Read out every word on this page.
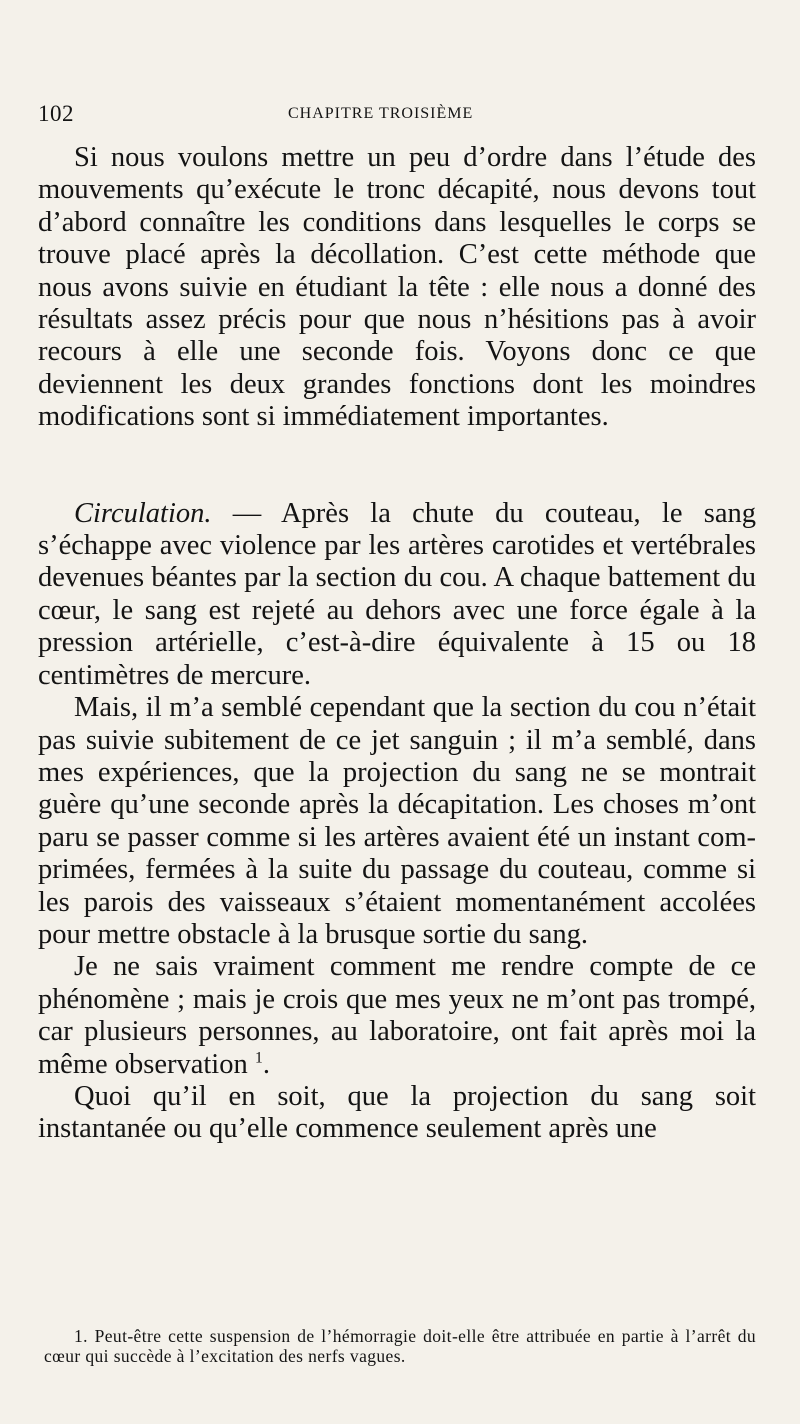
102	CHAPITRE TROISIÈME

Si nous voulons mettre un peu d’ordre dans l’étude des mouvements qu’exécute le tronc décapité, nous devons tout d’abord connaître les conditions dans lesquelles le corps se trouve placé après la décollation. C’est cette méthode que nous avons suivie en étudiant la tête : elle nous a donné des résultats assez précis pour que nous n’hésitions pas à avoir recours à elle une seconde fois. Voyons donc ce que deviennent les deux grandes fonctions dont les moindres modifications sont si immédiatement importantes.

Circulation. — Après la chute du couteau, le sang s’échappe avec violence par les artères carotides et vertébrales devenues béantes par la section du cou. A chaque battement du cœur, le sang est rejeté au dehors avec une force égale à la pression artérielle, c’est-à-dire équivalente à 15 ou 18 centimètres de mercure.

Mais, il m’a semblé cependant que la section du cou n’était pas suivie subitement de ce jet sanguin ; il m’a semblé, dans mes expériences, que la projection du sang ne se montrait guère qu’une seconde après la décapitation. Les choses m’ont paru se passer comme si les artères avaient été un instant comprimées, fermées à la suite du passage du couteau, comme si les parois des vaisseaux s’étaient momentanément accolées pour mettre obstacle à la brusque sortie du sang.

Je ne sais vraiment comment me rendre compte de ce phénomène ; mais je crois que mes yeux ne m’ont pas trompé, car plusieurs personnes, au laboratoire, ont fait après moi la même observation $^1$.

Quoi qu’il en soit, que la projection du sang soit instantanée ou qu’elle commence seulement après une

1. Peut-être cette suspension de l’hémorragie doit-elle être attribuée en partie à l’arrêt du cœur qui succède à l’excitation des nerfs vagues.
